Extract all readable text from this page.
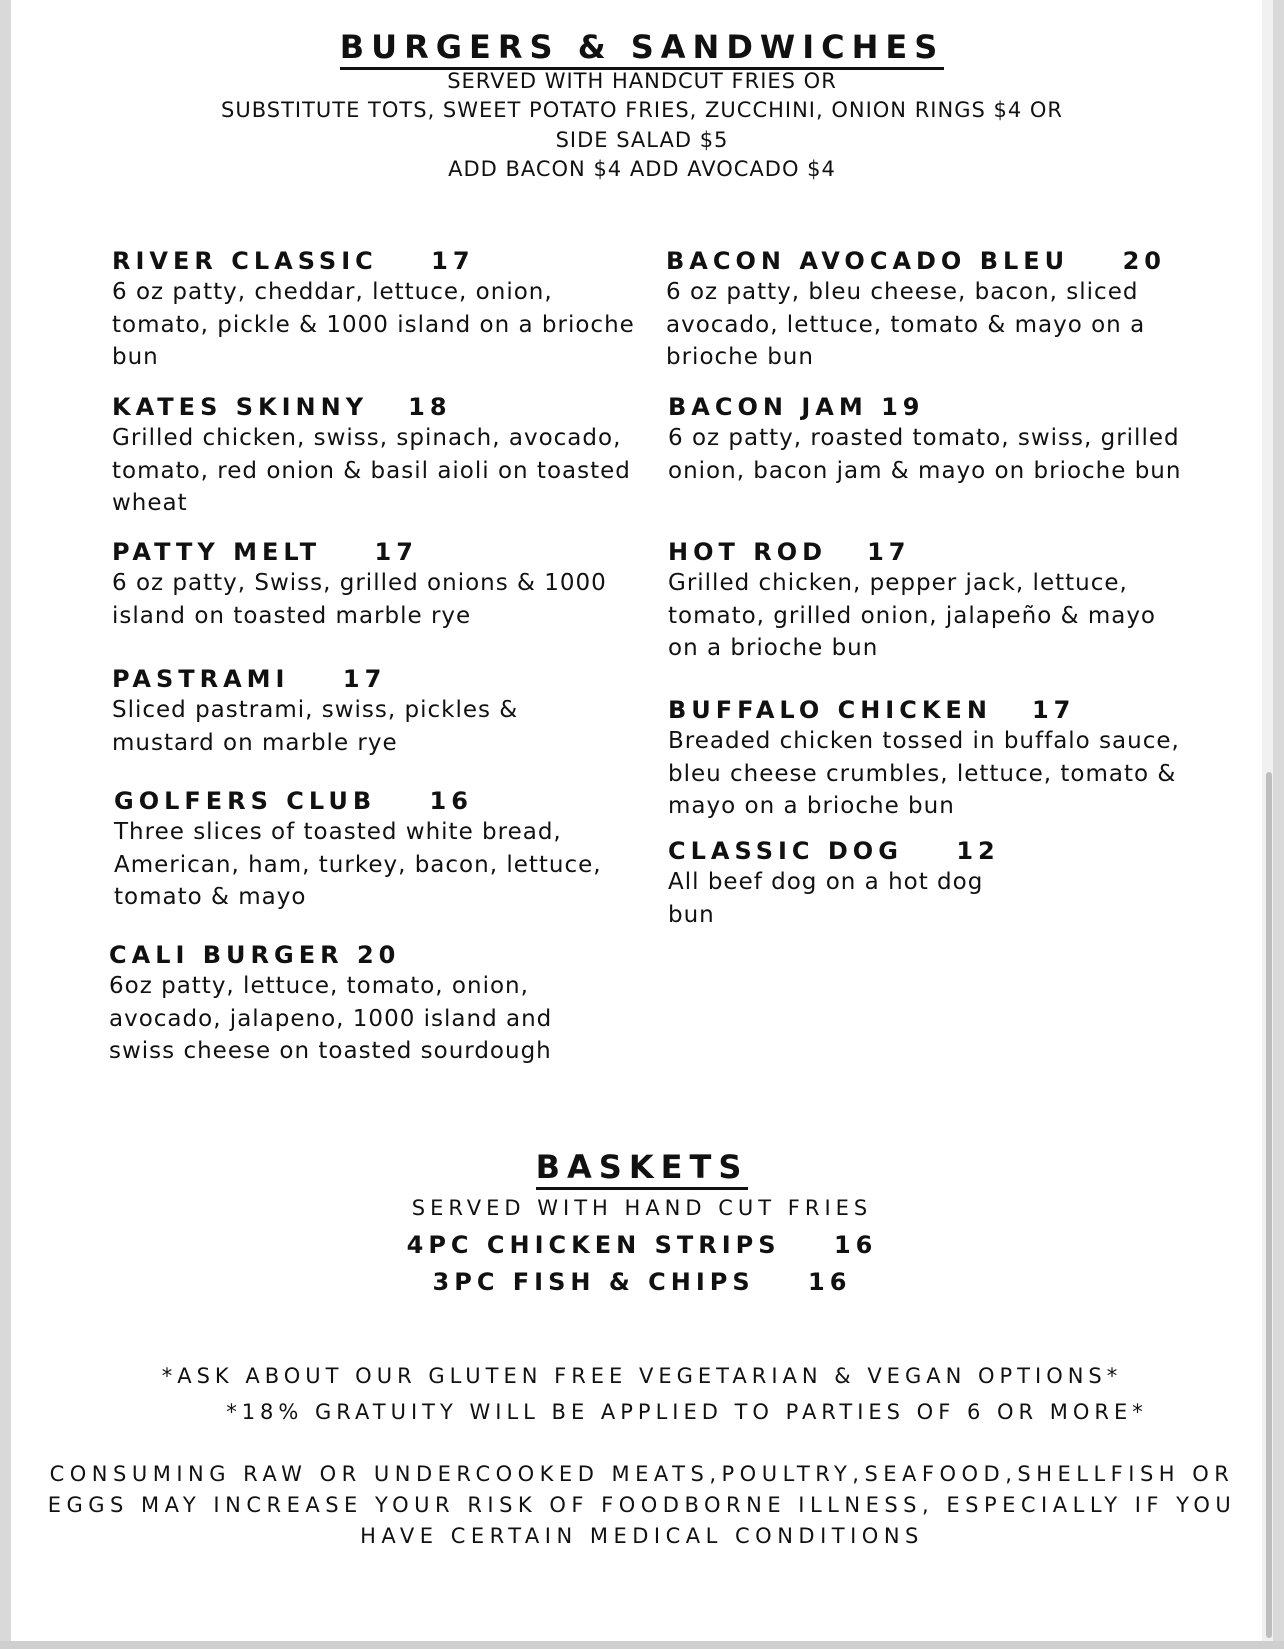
BURGERS & SANDWICHES

SERVED WITH HANDCUT FRIES OR

SUBSTITUTE TOTS, SWEET POTATO FRIES, ZUCCHINI, ONION RINGS $4 OR

SIDE SALAD $5

ADD BACON $4 ADD AVOCADO $4

RIVER CLASSIC    17
6 oz patty, cheddar, lettuce, onion, tomato, pickle & 1000 island on a brioche bun
KATES SKINNY   18
Grilled chicken, swiss, spinach, avocado, tomato, red onion & basil aioli on toasted wheat
PATTY MELT    17
6 oz patty, Swiss, grilled onions & 1000 island on toasted marble rye
PASTRAMI    17
Sliced pastrami, swiss, pickles & mustard on marble rye
GOLFERS CLUB    16
Three slices of toasted white bread, American, ham, turkey, bacon, lettuce, tomato & mayo
CALI BURGER 20
6oz patty, lettuce, tomato, onion, avocado, jalapeno, 1000 island and swiss cheese on toasted sourdough
BACON AVOCADO BLEU    20
6 oz patty, bleu cheese, bacon, sliced avocado, lettuce, tomato & mayo on a brioche bun
BACON JAM 19
6 oz patty, roasted tomato, swiss, grilled onion, bacon jam & mayo on brioche bun
HOT ROD   17
Grilled chicken, pepper jack, lettuce, tomato, grilled onion, jalapeño & mayo on a brioche bun
BUFFALO CHICKEN   17
Breaded chicken tossed in buffalo sauce, bleu cheese crumbles, lettuce, tomato & mayo on a brioche bun
CLASSIC DOG    12
All beef dog on a hot dog bun
BASKETS
SERVED WITH HAND CUT FRIES
4PC CHICKEN STRIPS    16
3PC FISH & CHIPS    16
*ASK ABOUT OUR GLUTEN FREE VEGETARIAN & VEGAN OPTIONS*
*18% GRATUITY WILL BE APPLIED TO PARTIES OF 6 OR MORE*
CONSUMING RAW OR UNDERCOOKED MEATS,POULTRY,SEAFOOD,SHELLFISH OR EGGS MAY INCREASE YOUR RISK OF FOODBORNE ILLNESS, ESPECIALLY IF YOU HAVE CERTAIN MEDICAL CONDITIONS
